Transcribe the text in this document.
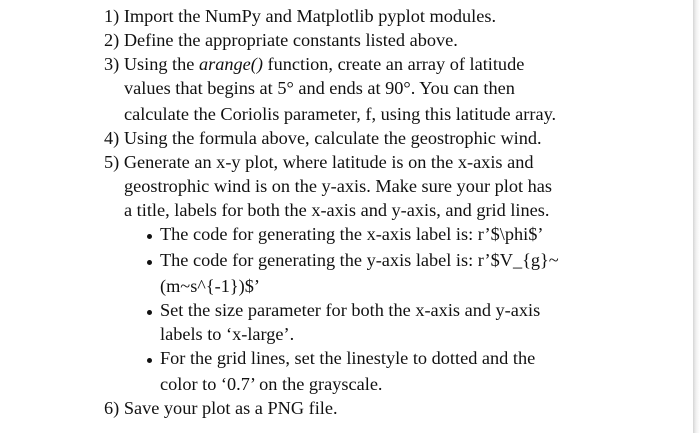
1) Import the NumPy and Matplotlib pyplot modules.
2) Define the appropriate constants listed above.
3) Using the arange() function, create an array of latitude
values that begins at 5° and ends at 90°. You can then
calculate the Coriolis parameter, f, using this latitude array.
4) Using the formula above, calculate the geostrophic wind.
5) Generate an x-y plot, where latitude is on the x-axis and
geostrophic wind is on the y-axis. Make sure your plot has
a title, labels for both the x-axis and y-axis, and grid lines.
The code for generating the x-axis label is: r’$\phi$’
The code for generating the y-axis label is: r’$V_{g}~
(m~s^{-1})$’
Set the size parameter for both the x-axis and y-axis
labels to ‘x-large’.
For the grid lines, set the linestyle to dotted and the
color to ‘0.7’ on the grayscale.
6) Save your plot as a PNG file.
